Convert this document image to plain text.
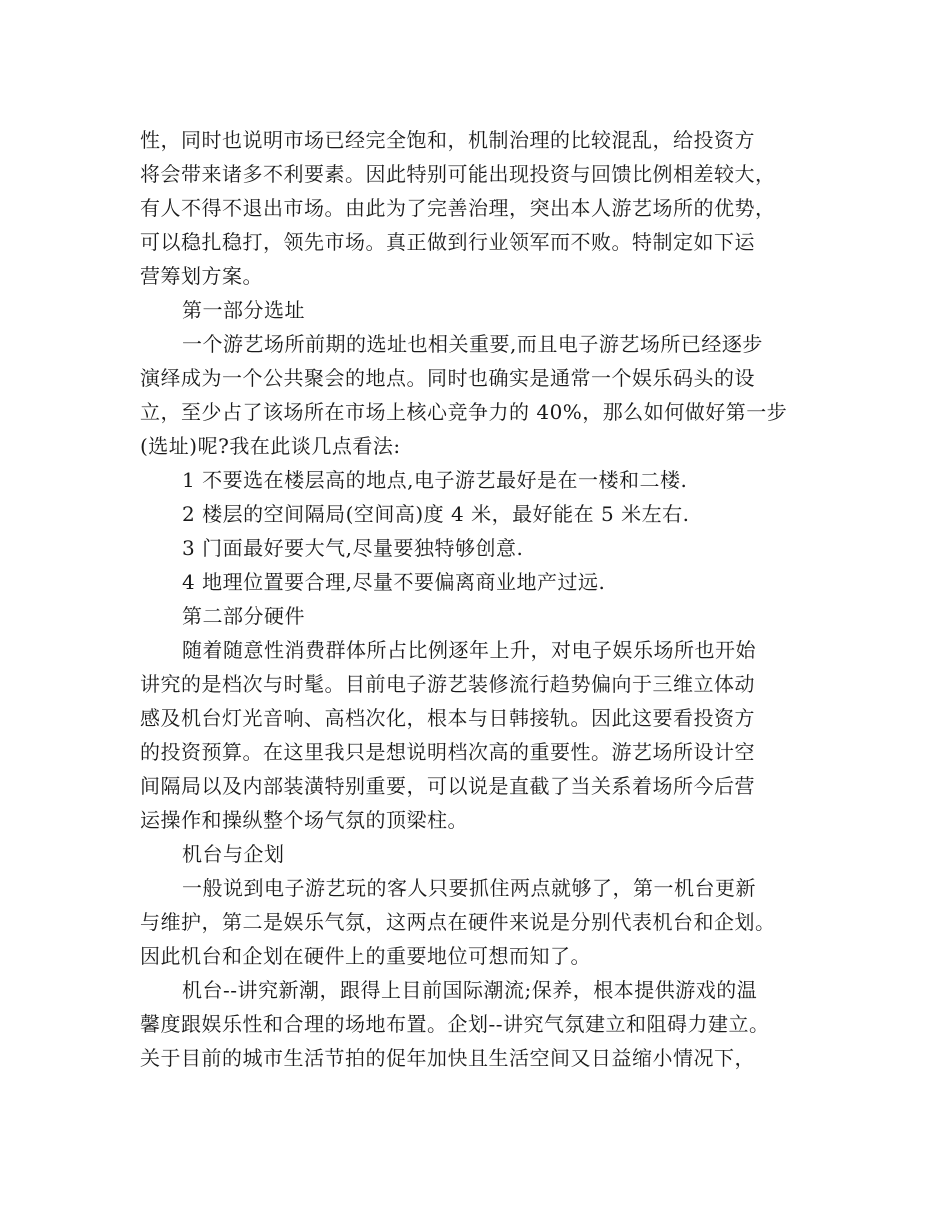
性，同时也说明市场已经完全饱和，机制治理的比较混乱，给投资方
将会带来诸多不利要素。因此特别可能出现投资与回馈比例相差较大，
有人不得不退出市场。由此为了完善治理，突出本人游艺场所的优势，
可以稳扎稳打，领先市场。真正做到行业领军而不败。特制定如下运
营筹划方案。
第一部分选址
一个游艺场所前期的选址也相关重要,而且电子游艺场所已经逐步
演绎成为一个公共聚会的地点。同时也确实是通常一个娱乐码头的设
立，至少占了该场所在市场上核心竞争力的 40%，那么如何做好第一步
(选址)呢?我在此谈几点看法:
1 不要选在楼层高的地点,电子游艺最好是在一楼和二楼.
2 楼层的空间隔局(空间高)度 4 米，最好能在 5 米左右.
3 门面最好要大气,尽量要独特够创意.
4 地理位置要合理,尽量不要偏离商业地产过远.
第二部分硬件
随着随意性消费群体所占比例逐年上升，对电子娱乐场所也开始
讲究的是档次与时髦。目前电子游艺装修流行趋势偏向于三维立体动
感及机台灯光音响、高档次化，根本与日韩接轨。因此这要看投资方
的投资预算。在这里我只是想说明档次高的重要性。游艺场所设计空
间隔局以及内部装潢特别重要，可以说是直截了当关系着场所今后营
运操作和操纵整个场气氛的顶梁柱。
机台与企划
一般说到电子游艺玩的客人只要抓住两点就够了，第一机台更新
与维护，第二是娱乐气氛，这两点在硬件来说是分别代表机台和企划。
因此机台和企划在硬件上的重要地位可想而知了。
机台--讲究新潮，跟得上目前国际潮流;保养，根本提供游戏的温
馨度跟娱乐性和合理的场地布置。企划--讲究气氛建立和阻碍力建立。
关于目前的城市生活节拍的促年加快且生活空间又日益缩小情况下，
